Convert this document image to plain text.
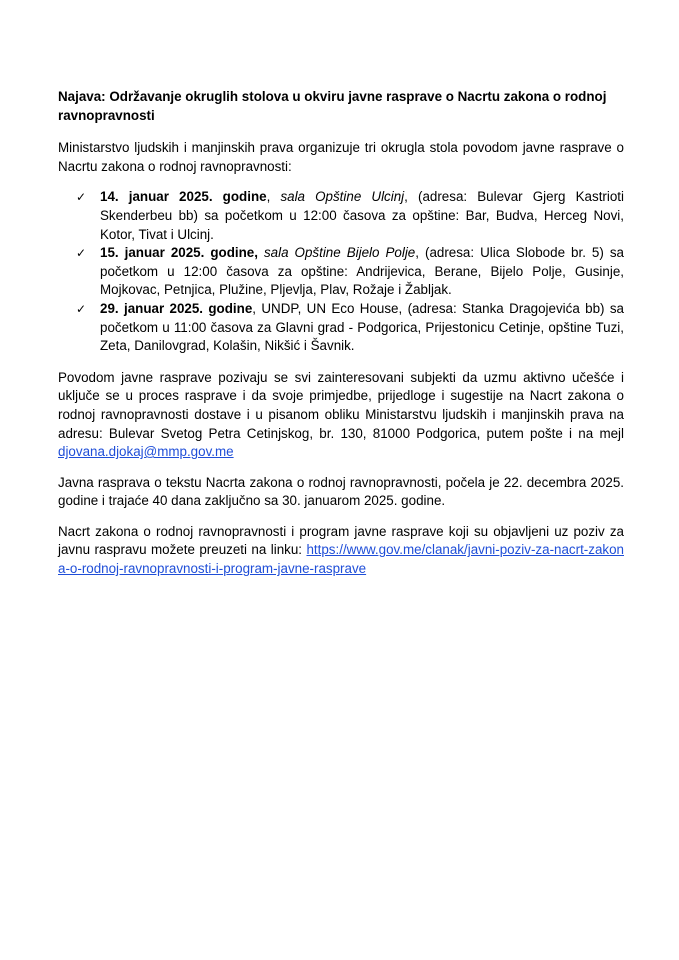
Najava: Održavanje okruglih stolova u okviru javne rasprave o Nacrtu zakona o rodnoj ravnopravnosti

Ministarstvo ljudskih i manjinskih prava organizuje tri okrugla stola povodom javne rasprave o Nacrtu zakona o rodnoj ravnopravnosti:

✓ 14. januar 2025. godine, sala Opštine Ulcinj, (adresa: Bulevar Gjerg Kastrioti Skenderbeu bb) sa početkom u 12:00 časova za opštine: Bar, Budva, Herceg Novi, Kotor, Tivat i Ulcinj.
✓ 15. januar 2025. godine, sala Opštine Bijelo Polje, (adresa: Ulica Slobode br. 5) sa početkom u 12:00 časova za opštine: Andrijevica, Berane, Bijelo Polje, Gusinje, Mojkovac, Petnjica, Plužine, Pljevlja, Plav, Rožaje i Žabljak.
✓ 29. januar 2025. godine, UNDP, UN Eco House, (adresa: Stanka Dragojevića bb) sa početkom u 11:00 časova za Glavni grad - Podgorica, Prijestonicu Cetinje, opštine Tuzi, Zeta, Danilovgrad, Kolašin, Nikšić i Šavnik.

Povodom javne rasprave pozivaju se svi zainteresovani subjekti da uzmu aktivno učešće i uključe se u proces rasprave i da svoje primjedbe, prijedloge i sugestije na Nacrt zakona o rodnoj ravnopravnosti dostave i u pisanom obliku Ministarstvu ljudskih i manjinskih prava na adresu: Bulevar Svetog Petra Cetinjskog, br. 130, 81000 Podgorica, putem pošte i na mejl djovana.djokaj@mmp.gov.me

Javna rasprava o tekstu Nacrta zakona o rodnoj ravnopravnosti, počela je 22. decembra 2025. godine i trajaće 40 dana zaključno sa 30. januarom 2025. godine.

Nacrt zakona o rodnoj ravnopravnosti i program javne rasprave koji su objavljeni uz poziv za javnu raspravu možete preuzeti na linku: https://www.gov.me/clanak/javni-poziv-za-nacrt-zakona-o-rodnoj-ravnopravnosti-i-program-javne-rasprave
